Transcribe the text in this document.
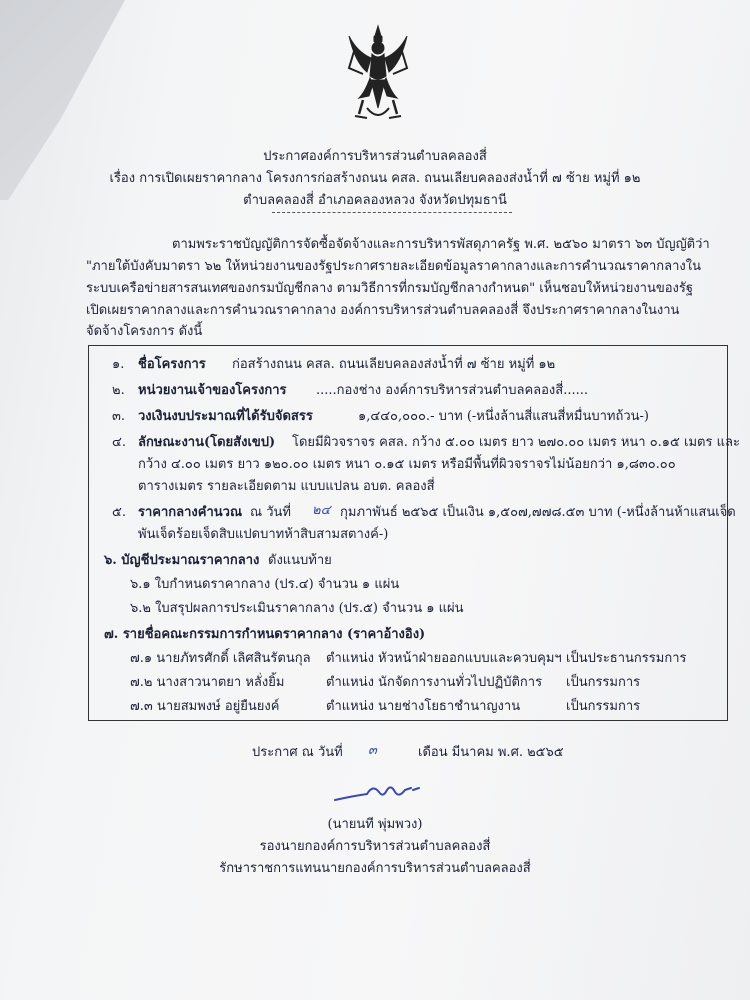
ประกาศองค์การบริหารส่วนตำบลคลองสี่
เรื่อง การเปิดเผยราคากลาง โครงการก่อสร้างถนน คสล. ถนนเลียบคลองส่งน้ำที่ ๗ ซ้าย หมู่ที่ ๑๒
ตำบลคลองสี่ อำเภอคลองหลวง จังหวัดปทุมธานี
ตามพระราชบัญญัติการจัดซื้อจัดจ้างและการบริหารพัสดุภาครัฐ พ.ศ. ๒๕๖๐ มาตรา ๖๓ บัญญัติว่า
"ภายใต้บังคับมาตรา ๖๒ ให้หน่วยงานของรัฐประกาศรายละเอียดข้อมูลราคากลางและการคำนวณราคากลางใน
ระบบเครือข่ายสารสนเทศของกรมบัญชีกลาง ตามวิธีการที่กรมบัญชีกลางกำหนด" เห็นชอบให้หน่วยงานของรัฐ
เปิดเผยราคากลางและการคำนวณราคากลาง องค์การบริหารส่วนตำบลคลองสี่ จึงประกาศราคากลางในงาน
จัดจ้างโครงการ ดังนี้
๑. ชื่อโครงการ ก่อสร้างถนน คสล. ถนนเลียบคลองส่งน้ำที่ ๗ ซ้าย หมู่ที่ ๑๒
๒. หน่วยงานเจ้าของโครงการ .....กองช่าง องค์การบริหารส่วนตำบลคลองสี่......
๓. วงเงินงบประมาณที่ได้รับจัดสรร	๑,๔๔๐,๐๐๐.- บาท (-หนึ่งล้านสี่แสนสี่หมื่นบาทถ้วน-)
๔. ลักษณะงาน(โดยสังเขป) โดยมีผิวจราจร คสล. กว้าง ๕.๐๐ เมตร ยาว ๒๗๐.๐๐ เมตร หนา ๐.๑๕ เมตร และ
กว้าง ๔.๐๐ เมตร ยาว ๑๒๐.๐๐ เมตร หนา ๐.๑๕ เมตร หรือมีพื้นที่ผิวจราจรไม่น้อยกว่า ๑,๘๓๐.๐๐
ตารางเมตร รายละเอียดตาม แบบแปลน อบต. คลองสี่
๕. ราคากลางคำนวณ ณ วันที่ ๒๔ กุมภาพันธ์ ๒๕๖๕ เป็นเงิน ๑,๕๐๗,๗๗๘.๕๓ บาท (-หนึ่งล้านห้าแสนเจ็ด
พันเจ็ดร้อยเจ็ดสิบแปดบาทห้าสิบสามสตางค์-)
๖. บัญชีประมาณราคากลาง ดังแนบท้าย
๖.๑ ใบกำหนดราคากลาง (ปร.๔) จำนวน ๑ แผ่น
๖.๒ ใบสรุปผลการประเมินราคากลาง (ปร.๕) จำนวน ๑ แผ่น
๗. รายชื่อคณะกรรมการกำหนดราคากลาง (ราคาอ้างอิง)
๗.๑ นายภัทรศักดิ์ เลิศสินรัตนกุล ตำแหน่ง หัวหน้าฝ่ายออกแบบและควบคุมฯ เป็นประธานกรรมการ
๗.๒ นางสาวนาตยา หลั่งยิ้ม	ตำแหน่ง นักจัดการงานทั่วไปปฏิบัติการ เป็นกรรมการ
๗.๓ นายสมพงษ์ อยู่ยืนยงค์	ตำแหน่ง นายช่างโยธาชำนาญงาน	เป็นกรรมการ
ประกาศ ณ วันที่ ๓	เดือน มีนาคม พ.ศ. ๒๕๖๕
(นายนที พุ่มพวง)
รองนายกองค์การบริหารส่วนตำบลคลองสี่
รักษาราชการแทนนายกองค์การบริหารส่วนตำบลคลองสี่
